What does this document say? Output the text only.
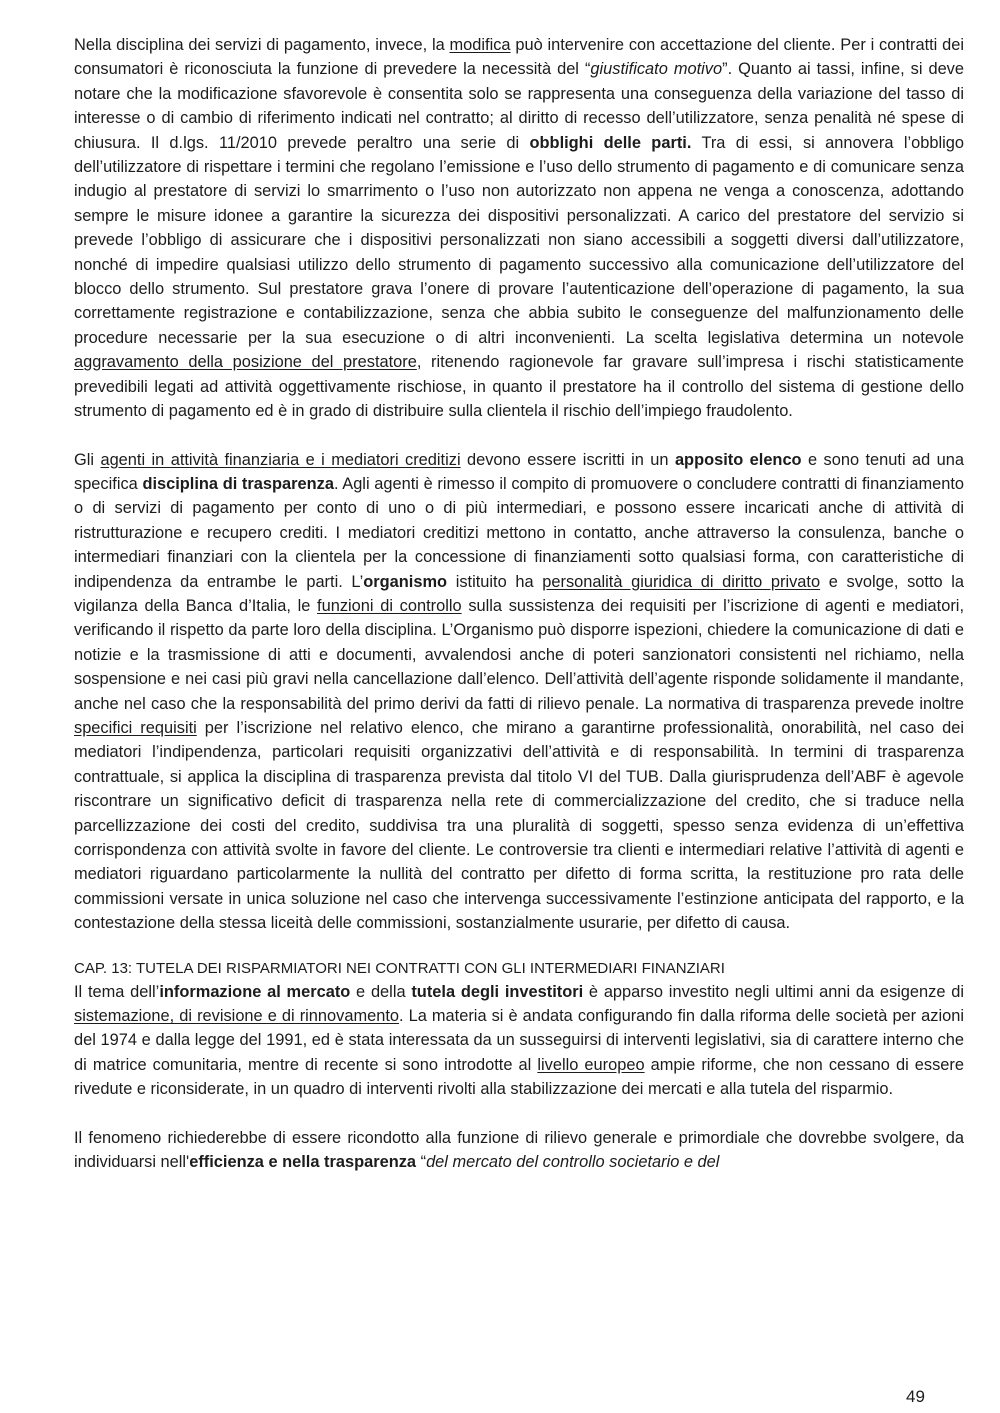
Nella disciplina dei servizi di pagamento, invece, la modifica può intervenire con accettazione del cliente. Per i contratti dei consumatori è riconosciuta la funzione di prevedere la necessità del “giustificato motivo”. Quanto ai tassi, infine, si deve notare che la modificazione sfavorevole è consentita solo se rappresenta una conseguenza della variazione del tasso di interesse o di cambio di riferimento indicati nel contratto; al diritto di recesso dell’utilizzatore, senza penalità né spese di chiusura. Il d.lgs. 11/2010 prevede peraltro una serie di obblighi delle parti. Tra di essi, si annovera l’obbligo dell’utilizzatore di rispettare i termini che regolano l’emissione e l’uso dello strumento di pagamento e di comunicare senza indugio al prestatore di servizi lo smarrimento o l’uso non autorizzato non appena ne venga a conoscenza, adottando sempre le misure idonee a garantire la sicurezza dei dispositivi personalizzati. A carico del prestatore del servizio si prevede l’obbligo di assicurare che i dispositivi personalizzati non siano accessibili a soggetti diversi dall’utilizzatore, nonché di impedire qualsiasi utilizzo dello strumento di pagamento successivo alla comunicazione dell’utilizzatore del blocco dello strumento. Sul prestatore grava l’onere di provare l’autenticazione dell’operazione di pagamento, la sua correttamente registrazione e contabilizzazione, senza che abbia subito le conseguenze del malfunzionamento delle procedure necessarie per la sua esecuzione o di altri inconvenienti. La scelta legislativa determina un notevole aggravamento della posizione del prestatore, ritenendo ragionevole far gravare sull’impresa i rischi statisticamente prevedibili legati ad attività oggettivamente rischiose, in quanto il prestatore ha il controllo del sistema di gestione dello strumento di pagamento ed è in grado di distribuire sulla clientela il rischio dell’impiego fraudolento.

Gli agenti in attività finanziaria e i mediatori creditizi devono essere iscritti in un apposito elenco e sono tenuti ad una specifica disciplina di trasparenza. Agli agenti è rimesso il compito di promuovere o concludere contratti di finanziamento o di servizi di pagamento per conto di uno o di più intermediari, e possono essere incaricati anche di attività di ristrutturazione e recupero crediti. I mediatori creditizi mettono in contatto, anche attraverso la consulenza, banche o intermediari finanziari con la clientela per la concessione di finanziamenti sotto qualsiasi forma, con caratteristiche di indipendenza da entrambe le parti. L’organismo istituito ha personalità giuridica di diritto privato e svolge, sotto la vigilanza della Banca d’Italia, le funzioni di controllo sulla sussistenza dei requisiti per l’iscrizione di agenti e mediatori, verificando il rispetto da parte loro della disciplina. L’Organismo può disporre ispezioni, chiedere la comunicazione di dati e notizie e la trasmissione di atti e documenti, avvalendosi anche di poteri sanzionatori consistenti nel richiamo, nella sospensione e nei casi più gravi nella cancellazione dall’elenco. Dell’attività dell’agente risponde solidamente il mandante, anche nel caso che la responsabilità del primo derivi da fatti di rilievo penale. La normativa di trasparenza prevede inoltre specifici requisiti per l’iscrizione nel relativo elenco, che mirano a garantirne professionalità, onorabilità, nel caso dei mediatori l’indipendenza, particolari requisiti organizzativi dell’attività e di responsabilità. In termini di trasparenza contrattuale, si applica la disciplina di trasparenza prevista dal titolo VI del TUB. Dalla giurisprudenza dell’ABF è agevole riscontrare un significativo deficit di trasparenza nella rete di commercializzazione del credito, che si traduce nella parcellizzazione dei costi del credito, suddivisa tra una pluralità di soggetti, spesso senza evidenza di un’effettiva corrispondenza con attività svolte in favore del cliente. Le controversie tra clienti e intermediari relative l’attività di agenti e mediatori riguardano particolarmente la nullità del contratto per difetto di forma scritta, la restituzione pro rata delle commissioni versate in unica soluzione nel caso che intervenga successivamente l’estinzione anticipata del rapporto, e la contestazione della stessa liceità delle commissioni, sostanzialmente usurarie, per difetto di causa.

CAP. 13: TUTELA DEI RISPARMIATORI NEI CONTRATTI CON GLI INTERMEDIARI FINANZIARI

Il tema dell’informazione al mercato e della tutela degli investitori è apparso investito negli ultimi anni da esigenze di sistemazione, di revisione e di rinnovamento. La materia si è andata configurando fin dalla riforma delle società per azioni del 1974 e dalla legge del 1991, ed è stata interessata da un susseguirsi di interventi legislativi, sia di carattere interno che di matrice comunitaria, mentre di recente si sono introdotte al livello europeo ampie riforme, che non cessano di essere rivedute e riconsiderate, in un quadro di interventi rivolti alla stabilizzazione dei mercati e alla tutela del risparmio.

Il fenomeno richiederebbe di essere ricondotto alla funzione di rilievo generale e primordiale che dovrebbe svolgere, da individuarsi nell'efficienza e nella trasparenza “del mercato del controllo societario e del

49
